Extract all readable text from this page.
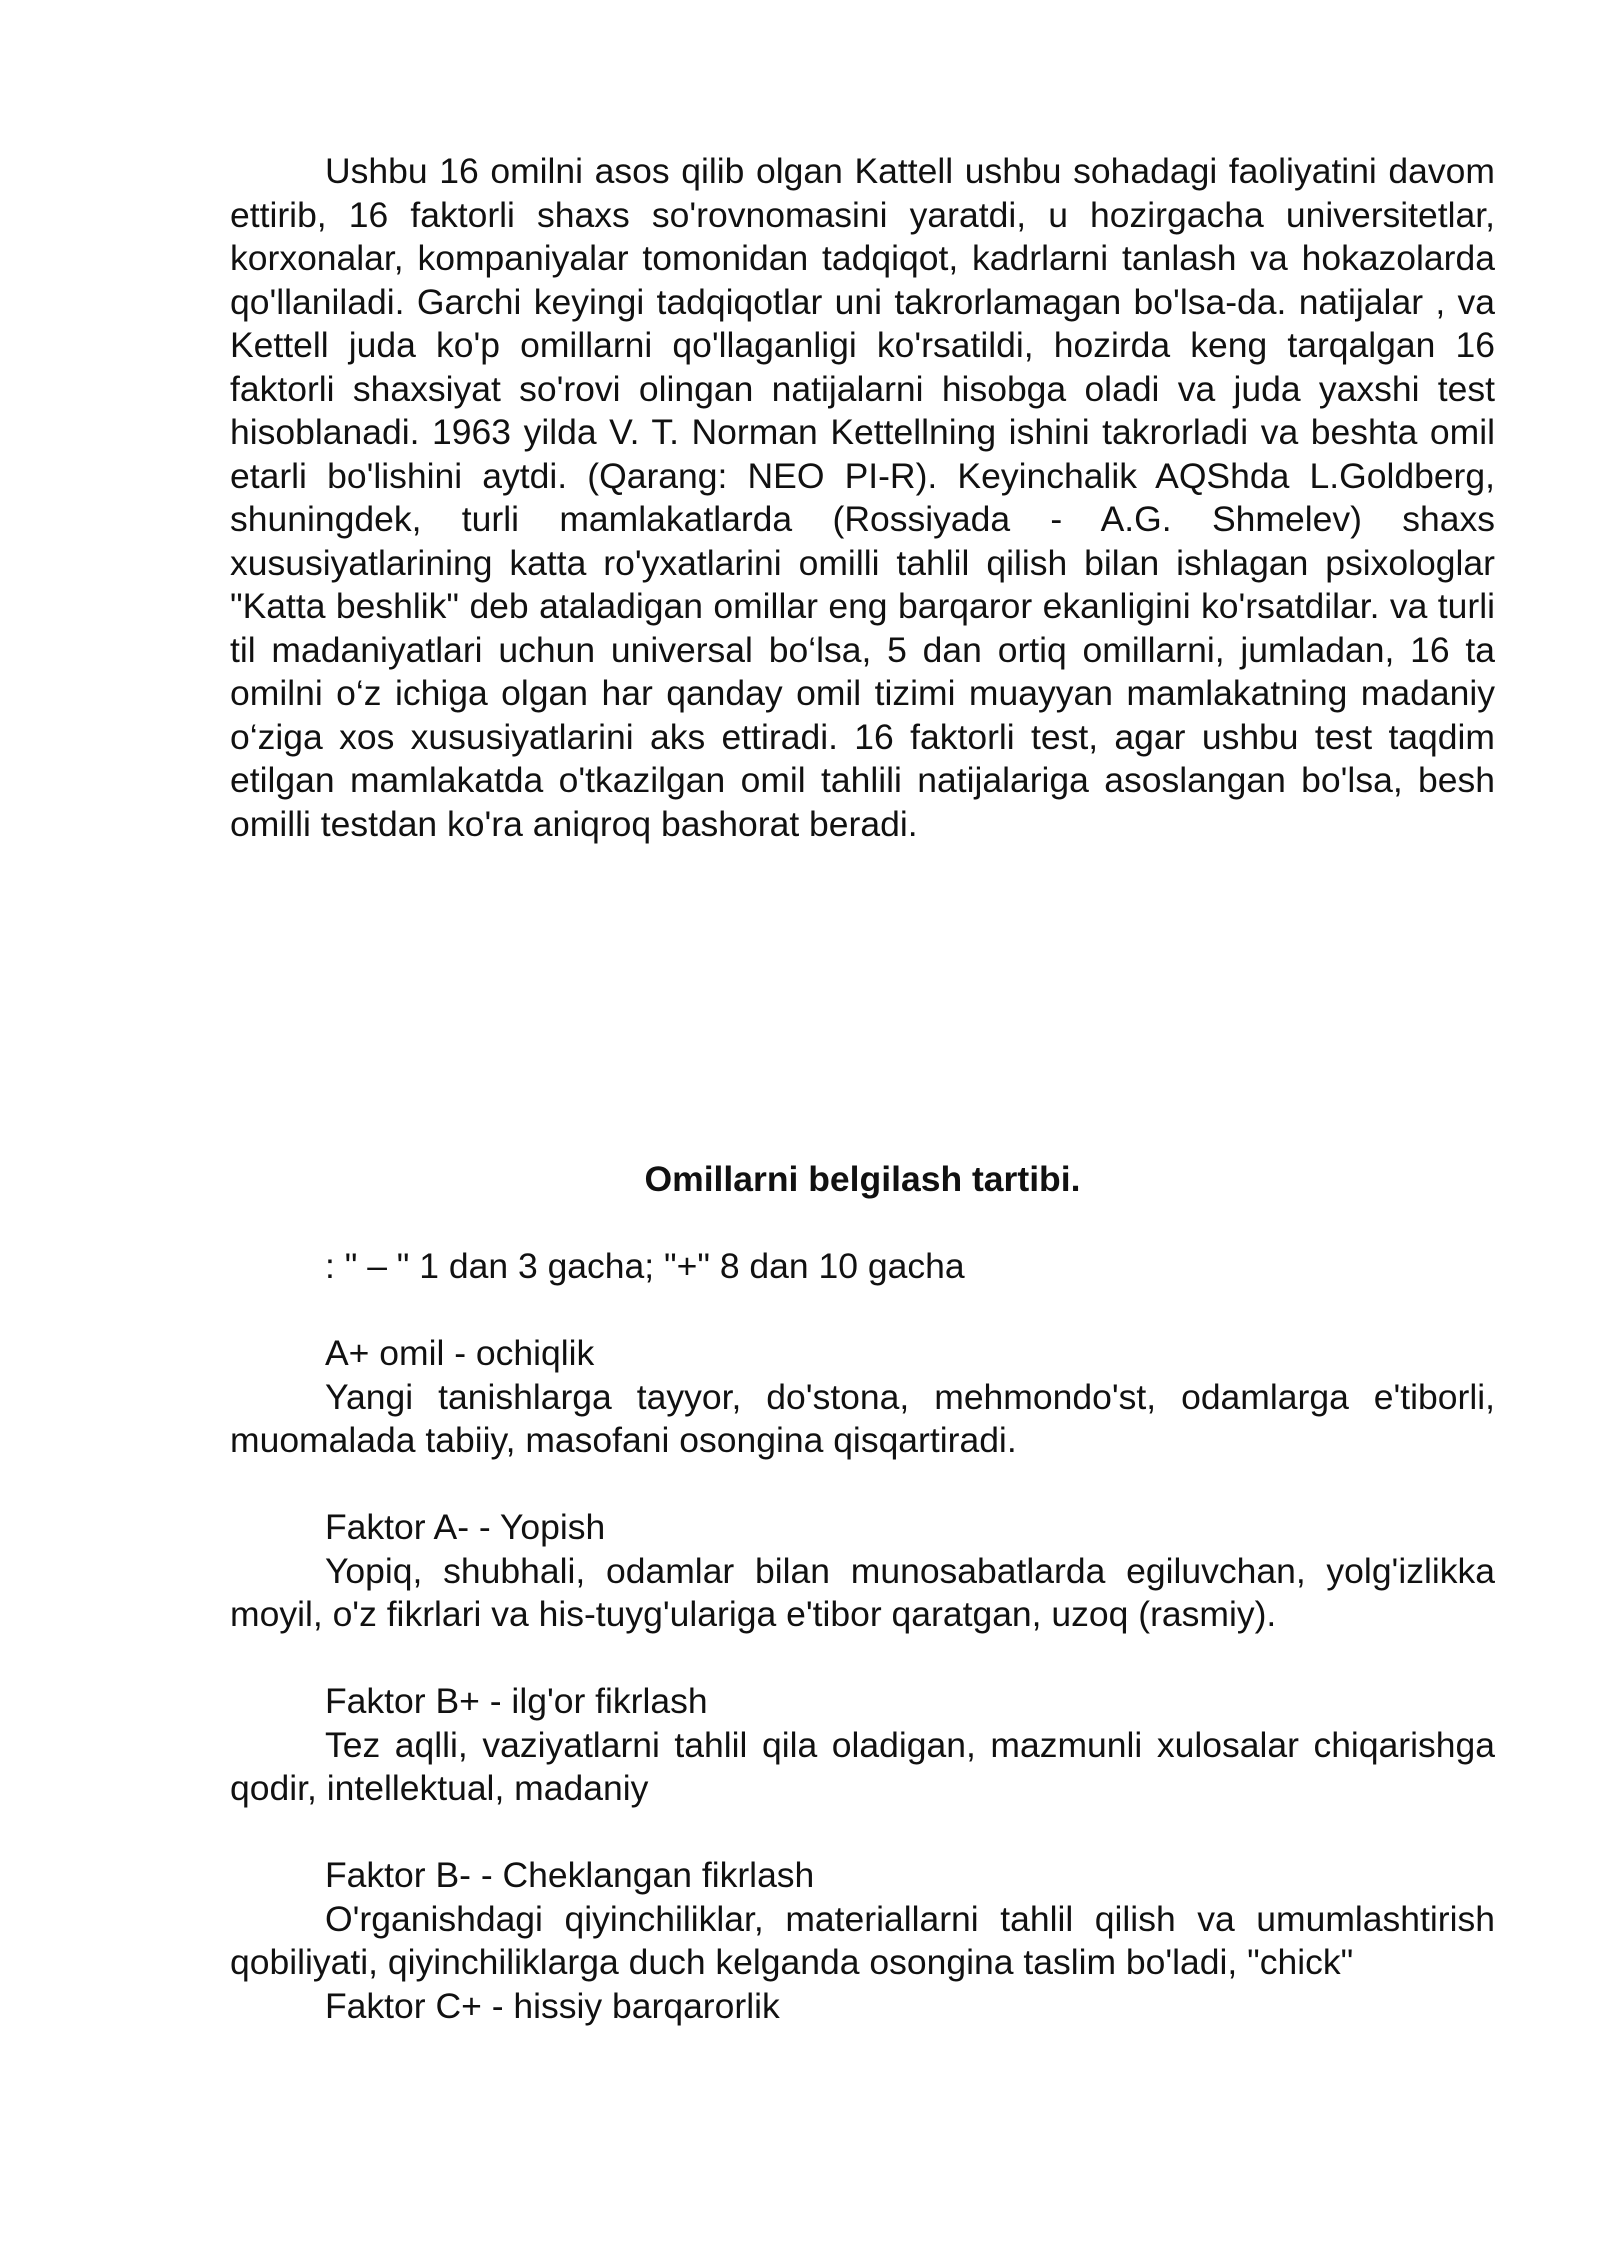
Ushbu 16 omilni asos qilib olgan Kattell ushbu sohadagi faoliyatini davom ettirib, 16 faktorli shaxs so'rovnomasini yaratdi, u hozirgacha universitetlar, korxonalar, kompaniyalar tomonidan tadqiqot, kadrlarni tanlash va hokazolarda qo'llaniladi. Garchi keyingi tadqiqotlar uni takrorlamagan bo'lsa-da. natijalar , va Kettell juda ko'p omillarni qo'llaganligi ko'rsatildi, hozirda keng tarqalgan 16 faktorli shaxsiyat so'rovi olingan natijalarni hisobga oladi va juda yaxshi test hisoblanadi. 1963 yilda V. T. Norman Kettellning ishini takrorladi va beshta omil etarli bo'lishini aytdi. (Qarang: NEO PI-R). Keyinchalik AQShda L.Goldberg, shuningdek, turli mamlakatlarda (Rossiyada - A.G. Shmelev) shaxs xususiyatlarining katta ro'yxatlarini omilli tahlil qilish bilan ishlagan psixologlar "Katta beshlik" deb ataladigan omillar eng barqaror ekanligini ko'rsatdilar. va turli til madaniyatlari uchun universal bo‘lsa, 5 dan ortiq omillarni, jumladan, 16 ta omilni o‘z ichiga olgan har qanday omil tizimi muayyan mamlakatning madaniy o‘ziga xos xususiyatlarini aks ettiradi. 16 faktorli test, agar ushbu test taqdim etilgan mamlakatda o'tkazilgan omil tahlili natijalariga asoslangan bo'lsa, besh omilli testdan ko'ra aniqroq bashorat beradi.

Omillarni belgilash tartibi.
: " – " 1 dan 3 gacha; "+" 8 dan 10 gacha

A+ omil - ochiqlik

Yangi tanishlarga tayyor, do'stona, mehmondo'st, odamlarga e'tiborli, muomalada tabiiy, masofani osongina qisqartiradi.

Faktor A- - Yopish

Yopiq, shubhali, odamlar bilan munosabatlarda egiluvchan, yolg'izlikka moyil, o'z fikrlari va his-tuyg'ulariga e'tibor qaratgan, uzoq (rasmiy).

Faktor B+ - ilg'or fikrlash

Tez aqlli, vaziyatlarni tahlil qila oladigan, mazmunli xulosalar chiqarishga qodir, intellektual, madaniy

Faktor B- - Cheklangan fikrlash

O'rganishdagi qiyinchiliklar, materiallarni tahlil qilish va umumlashtirish qobiliyati, qiyinchiliklarga duch kelganda osongina taslim bo'ladi, "chick"

Faktor C+ - hissiy barqarorlik
